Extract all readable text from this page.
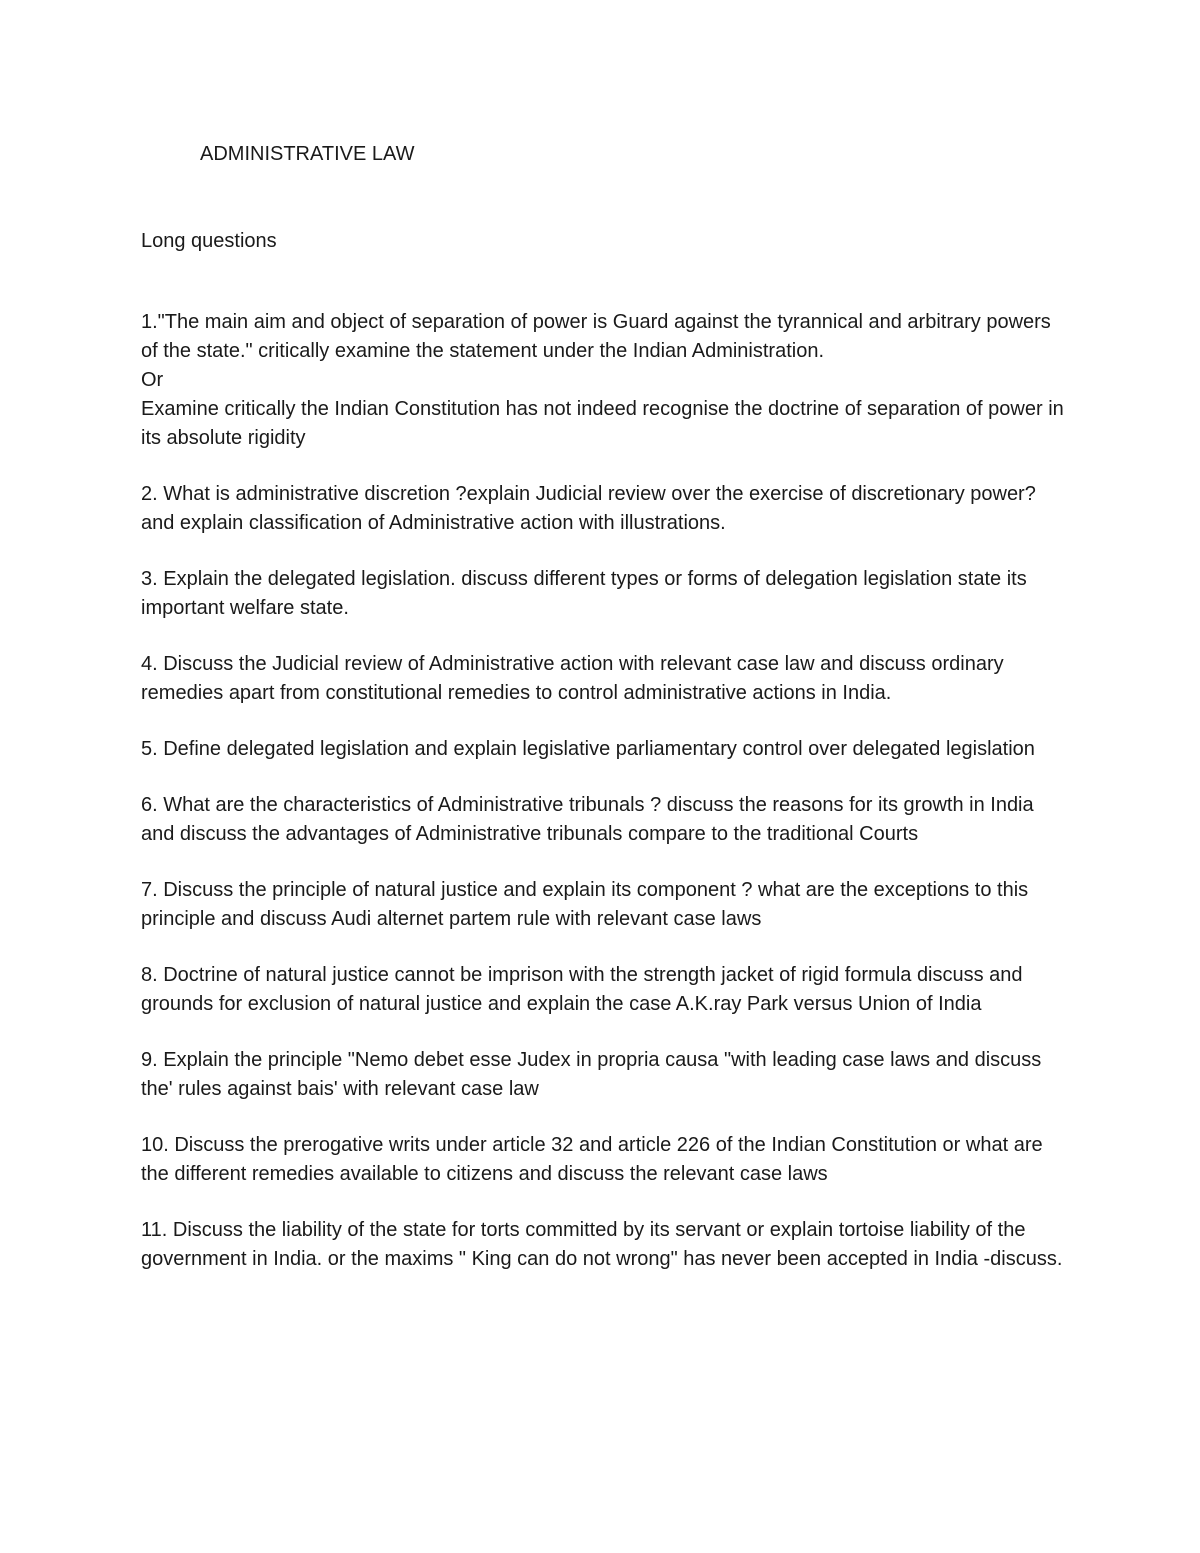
ADMINISTRATIVE LAW
Long questions

1."The main aim and object of separation of power is Guard against the tyrannical and arbitrary powers of the state." critically examine the statement under the Indian Administration.

Or

Examine critically the Indian Constitution has not indeed recognise the doctrine of separation of power in its absolute rigidity

2. What is administrative discretion ?explain Judicial review over the exercise of discretionary power? and explain classification of Administrative action with illustrations.

3. Explain the delegated legislation. discuss different types or forms of delegation legislation state its important welfare state.

4. Discuss the Judicial review of Administrative action with relevant case law and discuss ordinary remedies apart from constitutional remedies to control administrative actions in India.

5. Define delegated legislation and explain legislative parliamentary control over delegated legislation

6. What are the characteristics of Administrative tribunals ? discuss the reasons for its growth in India and discuss the advantages of Administrative tribunals compare to the traditional Courts

7. Discuss the principle of natural justice and explain its component ? what are the exceptions to this principle and discuss Audi alternet partem rule with relevant case laws

8. Doctrine of natural justice cannot be imprison with the strength jacket of rigid formula discuss and grounds for exclusion of natural justice and explain the case A.K.ray Park versus Union of India

9. Explain the principle "Nemo debet esse Judex in propria causa "with leading case laws and discuss the' rules against bais' with relevant case law

10. Discuss the prerogative writs under article 32 and article 226 of the Indian Constitution or what are the different remedies available to citizens and discuss the relevant case laws

11. Discuss the liability of the state for torts committed by its servant or explain tortoise liability of the government in India. or the maxims " King can do not wrong" has never been accepted in India -discuss.
